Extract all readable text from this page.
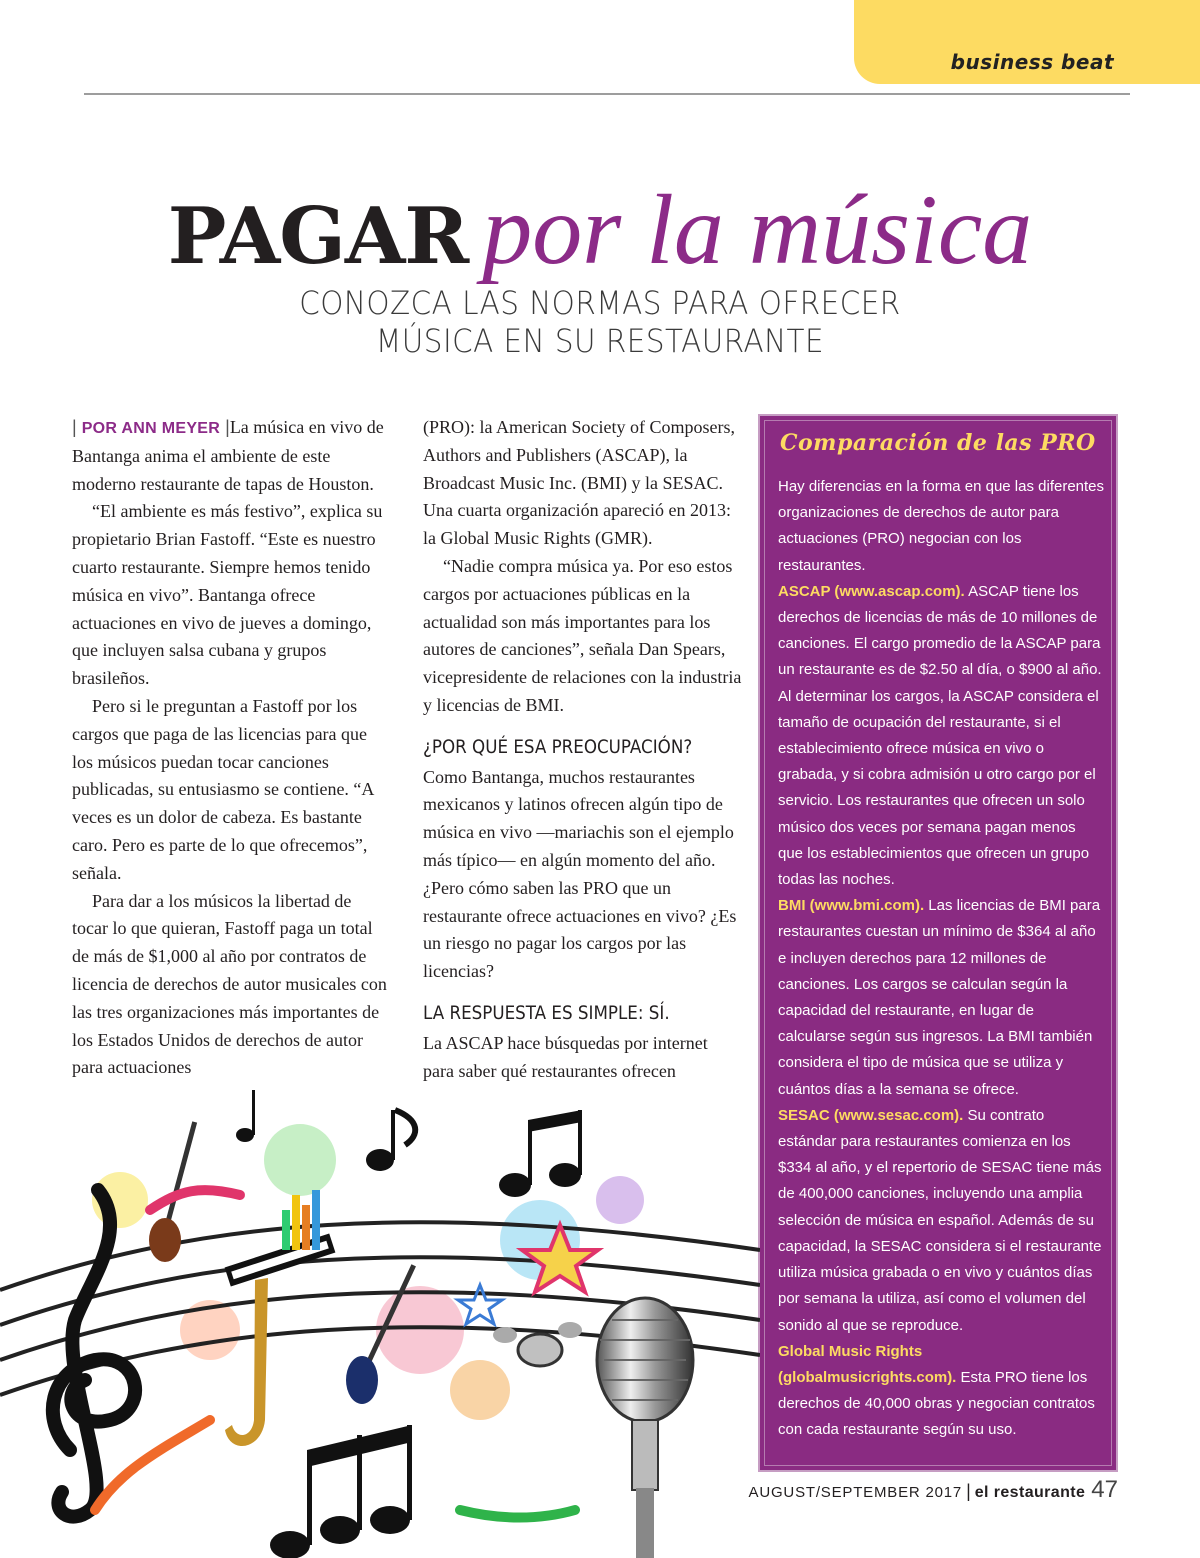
business beat
PAGAR por la música
CONOZCA LAS NORMAS PARA OFRECER
MÚSICA EN SU RESTAURANTE

| POR ANN MEYER |La música en vivo de Bantanga anima el ambiente de este moderno restaurante de tapas de Houston.

“El ambiente es más festivo”, explica su propietario Brian Fastoff. “Este es nuestro cuarto restaurante. Siempre hemos tenido música en vivo”. Bantanga ofrece actuaciones en vivo de jueves a domingo, que incluyen salsa cubana y grupos brasileños.

Pero si le preguntan a Fastoff por los cargos que paga de las licencias para que los músicos puedan tocar canciones publicadas, su entusiasmo se contiene. “A veces es un dolor de cabeza. Es bastante caro. Pero es parte de lo que ofrecemos”, señala.

Para dar a los músicos la libertad de tocar lo que quieran, Fastoff paga un total de más de $1,000 al año por contratos de licencia de derechos de autor musicales con las tres organizaciones más importantes de los Estados Unidos de derechos de autor para actuaciones

(PRO): la American Society of Composers, Authors and Publishers (ASCAP), la Broadcast Music Inc. (BMI) y la SESAC. Una cuarta organización apareció en 2013: la Global Music Rights (GMR).

“Nadie compra música ya. Por eso estos cargos por actuaciones públicas en la actualidad son más importantes para los autores de canciones”, señala Dan Spears, vicepresidente de relaciones con la industria y licencias de BMI.

¿POR QUÉ ESA PREOCUPACIÓN?

Como Bantanga, muchos restaurantes mexicanos y latinos ofrecen algún tipo de música en vivo —mariachis son el ejemplo más típico— en algún momento del año. ¿Pero cómo saben las PRO que un restaurante ofrece actuaciones en vivo? ¿Es un riesgo no pagar los cargos por las licencias?

LA RESPUESTA ES SIMPLE: SÍ.

La ASCAP hace búsquedas por internet para saber qué restaurantes ofrecen

Comparación de las PRO

Hay diferencias en la forma en que las diferentes organizaciones de derechos de autor para actuaciones (PRO) negocian con los restaurantes.

ASCAP (www.ascap.com). ASCAP tiene los derechos de licencias de más de 10 millones de canciones. El cargo promedio de la ASCAP para un restaurante es de $2.50 al día, o $900 al año. Al determinar los cargos, la ASCAP considera el tamaño de ocupación del restaurante, si el establecimiento ofrece música en vivo o grabada, y si cobra admisión u otro cargo por el servicio. Los restaurantes que ofrecen un solo músico dos veces por semana pagan menos que los establecimientos que ofrecen un grupo todas las noches.

BMI (www.bmi.com). Las licencias de BMI para restaurantes cuestan un mínimo de $364 al año e incluyen derechos para 12 millones de canciones. Los cargos se calculan según la capacidad del restaurante, en lugar de calcularse según sus ingresos. La BMI también considera el tipo de música que se utiliza y cuántos días a la semana se ofrece.

SESAC (www.sesac.com). Su contrato estándar para restaurantes comienza en los $334 al año, y el repertorio de SESAC tiene más de 400,000 canciones, incluyendo una amplia selección de música en español. Además de su capacidad, la SESAC considera si el restaurante utiliza música grabada o en vivo y cuántos días por semana la utiliza, así como el volumen del sonido al que se reproduce.

Global Music Rights (globalmusicrights.com). Esta PRO tiene los derechos de 40,000 obras y negocian contratos con cada restaurante según su uso.

AUGUST/SEPTEMBER 2017 | el restaurante 47
